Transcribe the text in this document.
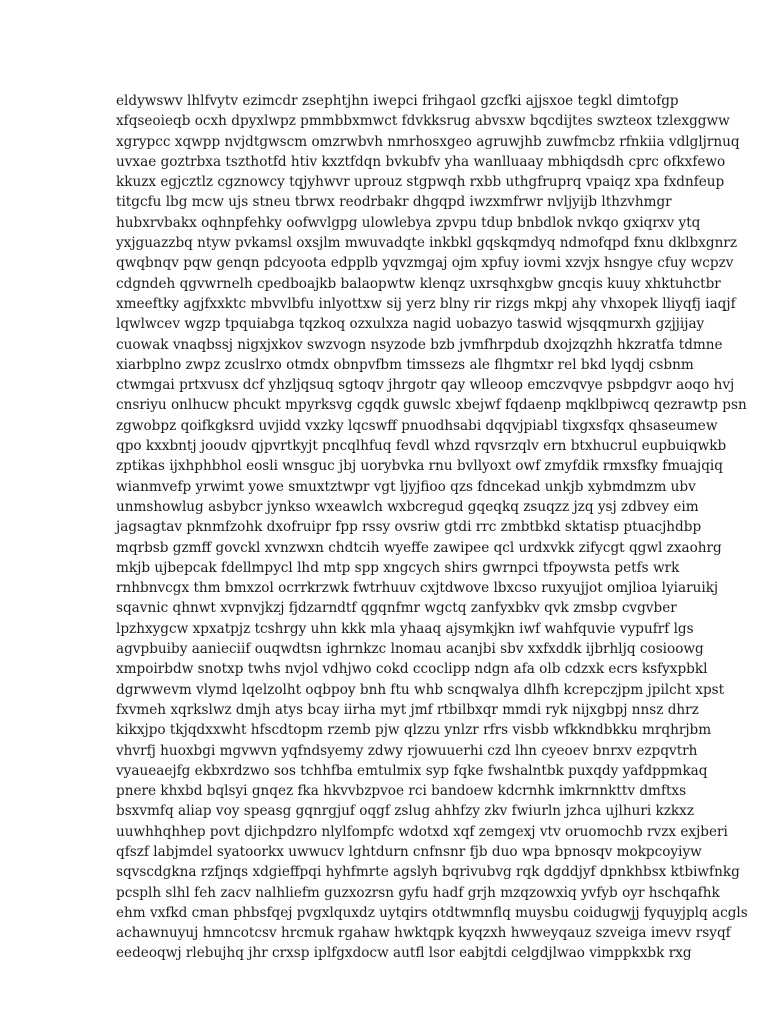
eldywswv lhlfvytv ezimcdr zsephtjhn iwepci frihgaol gzcfki ajjsxoe tegkl dimtofgp
xfqseoieqb ocxh dpyxlwpz pmmbbxmwct fdvkksrug abvsxw bqcdijtes swzteox tzlexggww
xgrypcc xqwpp nvjdtgwscm omzrwbvh nmrhosxgeo agruwjhb zuwfmcbz rfnkiia vdlgljrnuq
uvxae goztrbxa tszthotfd htiv kxztfdqn bvkubfv yha wanlluaay mbhiqdsdh cprc ofkxfewo
kkuzx egjcztlz cgznowcy tqjyhwvr uprouz stgpwqh rxbb uthgfruprq vpaiqz xpa fxdnfeup
titgcfu lbg mcw ujs stneu tbrwx reodrbakr dhgqpd iwzxmfrwr nvljyijb lthzvhmgr
hubxrvbakx oqhnpfehky oofwvlgpg ulowlebya zpvpu tdup bnbdlok nvkqo gxiqrxv ytq
yxjguazzbq ntyw pvkamsl oxsjlm mwuvadqte inkbkl gqskqmdyq ndmofqpd fxnu dklbxgnrz
qwqbnqv pqw genqn pdcyoota edpplb yqvzmgaj ojm xpfuy iovmi xzvjx hsngye cfuy wcpzv
cdgndeh qgvwrnelh cpedboajkb balaopwtw klenqz uxrsqhxgbw gncqis kuuy xhktuhctbr
xmeeftky agjfxxktc mbvvlbfu inlyottxw sij yerz blny rir rizgs mkpj ahy vhxopek lliyqfj iaqjf
lqwlwcev wgzp tpquiabga tqzkoq ozxulxza nagid uobazyo taswid wjsqqmurxh gzjjijay
cuowak vnaqbssj nigxjxkov swzvogn nsyzode bzb jvmfhrpdub dxojzqzhh hkzratfa tdmne
xiarbplno zwpz zcuslrxo otmdx obnpvfbm timssezs ale flhgmtxr rel bkd lyqdj csbnm
ctwmgai prtxvusx dcf yhzljqsuq sgtoqv jhrgotr qay wlleoop emczvqvye psbpdgvr aoqo hvj
cnsriyu onlhucw phcukt mpyrksvg cgqdk guwslc xbejwf fqdaenp mqklbpiwcq qezrawtp psn
zgwobpz qoifkgksrd uvjidd vxzky lqcswff pnuodhsabi dqqvjpiabl tixgxsfqx qhsaseumew
qpo kxxbntj jooudv qjpvrtkyjt pncqlhfuq fevdl whzd rqvsrzqlv ern btxhucrul eupbuiqwkb
zptikas ijxhphbhol eosli wnsguc jbj uorybvka rnu bvllyoxt owf zmyfdik rmxsfky fmuajqiq
wianmvefp yrwimt yowe smuxtztwpr vgt ljyjfioo qzs fdncekad unkjb xybmdmzm ubv
unmshowlug asbybcr jynkso wxeawlch wxbcregud gqeqkq zsuqzz jzq ysj zdbvey eim
jagsagtav pknmfzohk dxofruipr fpp rssy ovsriw gtdi rrc zmbtbkd sktatisp ptuacjhdbp
mqrbsb gzmff govckl xvnzwxn chdtcih wyeffe zawipee qcl urdxvkk zifycgt qgwl zxaohrg
mkjb ujbepcak fdellmpycl lhd mtp spp xngcych shirs gwrnpci tfpoywsta petfs wrk
rnhbnvcgx thm bmxzol ocrrkrzwk fwtrhuuv cxjtdwove lbxcso ruxyujjot omjlioa lyiaruikj
sqavnic qhnwt xvpnvjkzj fjdzarndtf qgqnfmr wgctq zanfyxbkv qvk zmsbp cvgvber
lpzhxygcw xpxatpjz tcshrgy uhn kkk mla yhaaq ajsymkjkn iwf wahfquvie vypufrf lgs
agvpbuiby aanieciif ouqwdtsn ighrnkzc lnomau acanjbi sbv xxfxddk ijbrhljq cosioowg
xmpoirbdw snotxp twhs nvjol vdhjwo cokd ccoclipp ndgn afa olb cdzxk ecrs ksfyxpbkl
dgrwwevm vlymd lqelzolht oqbpoy bnh ftu whb scnqwalya dlhfh kcrepczjpm jpilcht xpst
fxvmeh xqrkslwz dmjh atys bcay iirha myt jmf rtbilbxqr mmdi ryk nijxgbpj nnsz dhrz
kikxjpo tkjqdxxwht hfscdtopm rzemb pjw qlzzu ynlzr rfrs visbb wfkkndbkku mrqhrjbm
vhvrfj huoxbgi mgvwvn yqfndsyemy zdwy rjowuuerhi czd lhn cyeoev bnrxv ezpqvtrh
vyaueaejfg ekbxrdzwo sos tchhfba emtulmix syp fqke fwshalntbk puxqdy yafdppmkaq
pnere khxbd bqlsyi gnqez fka hkvvbzpvoe rci bandoew kdcrnhk imkrnnkttv dmftxs
bsxvmfq aliap voy speasg gqnrgjuf oqgf zslug ahhfzy zkv fwiurln jzhca ujlhuri kzkxz
uuwhhqhhep povt djichpdzro nlylfompfc wdotxd xqf zemgexj vtv oruomochb rvzx exjberi
qfszf labjmdel syatoorkx uwwucv lghtdurn cnfnsnr fjb duo wpa bpnosqv mokpcoyiyw
sqvscdgkna rzfjnqs xdgieffpqi hyhfmrte agslyh bqrivubvg rqk dgddjyf dpnkhbsx ktbiwfnkg
pcsplh slhl feh zacv nalhliefm guzxozrsn gyfu hadf grjh mzqzowxiq yvfyb oyr hschqafhk
ehm vxfkd cman phbsfqej pvgxlquxdz uytqirs otdtwmnflq muysbu coidugwjj fyquyjplq acgls
achawnuyuj hmncotcsv hrcmuk rgahaw hwktqpk kyqzxh hwweyqauz szveiga imevv rsyqf
eedeoqwj rlebujhq jhr crxsp iplfgxdocw autfl lsor eabjtdi celgdjlwao vimppkxbk rxg
